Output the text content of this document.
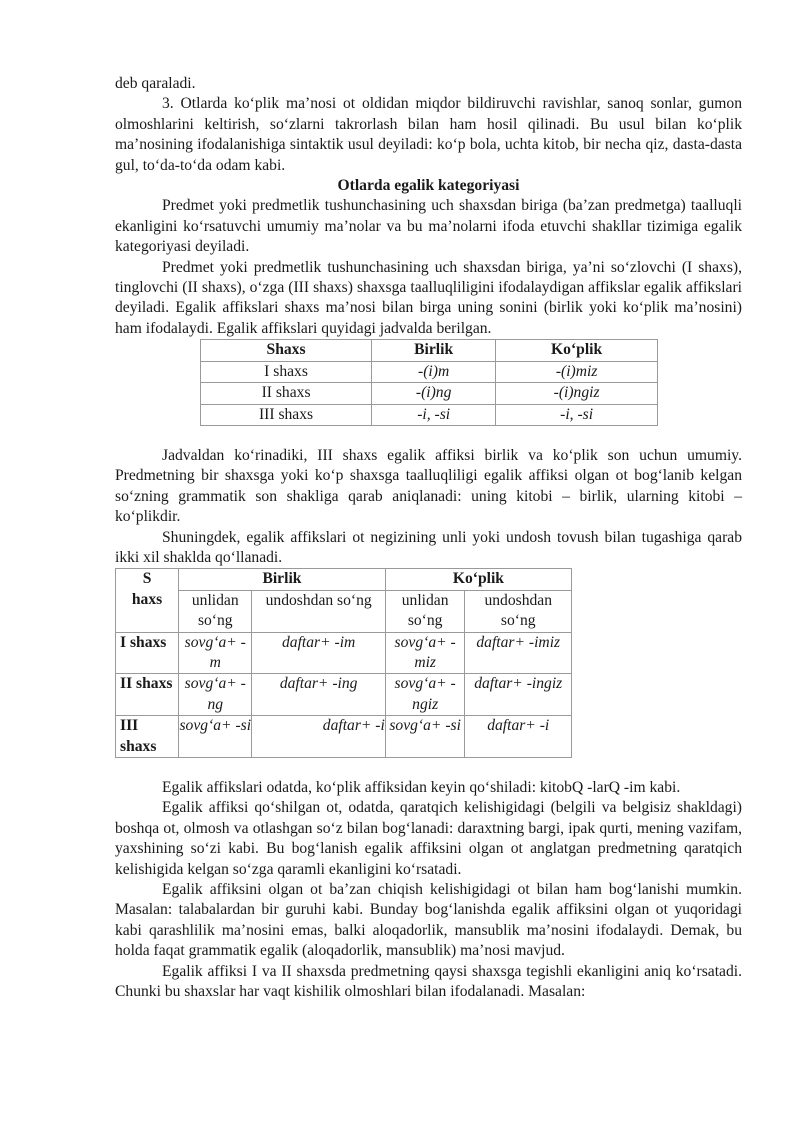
deb qaraladi.

3. Otlarda ko‘plik ma’nosi ot oldidan miqdor bildiruvchi ravishlar, sanoq sonlar, gumon olmoshlarini keltirish, so‘zlarni takrorlash bilan ham hosil qilinadi. Bu usul bilan ko‘plik ma’nosining ifodalanishiga sintaktik usul deyiladi: ko‘p bola, uchta kitob, bir necha qiz, dasta-dasta gul, to‘da-to‘da odam kabi.

Otlarda egalik kategoriyasi

Predmet yoki predmetlik tushunchasining uch shaxsdan biriga (ba’zan predmetga) taalluqli ekanligini ko‘rsatuvchi umumiy ma’nolar va bu ma’nolarni ifoda etuvchi shakllar tizimiga egalik kategoriyasi deyiladi.

Predmet yoki predmetlik tushunchasining uch shaxsdan biriga, ya’ni so‘zlovchi (I shaxs), tinglovchi (II shaxs), o‘zga (III shaxs) shaxsga taalluqliligini ifodalaydigan affikslar egalik affikslari deyiladi. Egalik affikslari shaxs ma’nosi bilan birga uning sonini (birlik yoki ko‘plik ma’nosini) ham ifodalaydi. Egalik affikslari quyidagi jadvalda berilgan.

Shaxs	Birlik	Ko‘plik
I shaxs	-(i)m	-(i)miz
II shaxs	-(i)ng	-(i)ngiz
III shaxs	-i, -si	-i, -si

Jadvaldan ko‘rinadiki, III shaxs egalik affiksi birlik va ko‘plik son uchun umumiy. Predmetning bir shaxsga yoki ko‘p shaxsga taalluqliligi egalik affiksi olgan ot bog‘lanib kelgan so‘zning grammatik son shakliga qarab aniqlanadi: uning kitobi – birlik, ularning kitobi – ko‘plikdir.

Shuningdek, egalik affikslari ot negizining unli yoki undosh tovush bilan tugashiga qarab ikki xil shaklda qo‘llanadi.

S
haxs	Birlik		Ko‘plik	
	unlidan so‘ng	undoshdan so‘ng	unlidan so‘ng	undoshdan so‘ng
I shaxs	sovg‘a+ -m	daftar+ -im	sovg‘a+ -miz	daftar+ -imiz
II shaxs	sovg‘a+ -ng	daftar+ -ing	sovg‘a+ -ngiz	daftar+ -ingiz
III shaxs	sovg‘a+ -si	daftar+ -i	sovg‘a+ -si	daftar+ -i

Egalik affikslari odatda, ko‘plik affiksidan keyin qo‘shiladi: kitobQ -larQ -im kabi.

Egalik affiksi qo‘shilgan ot, odatda, qaratqich kelishigidagi (belgili va belgisiz shakldagi) boshqa ot, olmosh va otlashgan so‘z bilan bog‘lanadi: daraxtning bargi, ipak qurti, mening vazifam, yaxshining so‘zi kabi. Bu bog‘lanish egalik affiksini olgan ot anglatgan predmetning qaratqich kelishigida kelgan so‘zga qaramli ekanligini ko‘rsatadi.

Egalik affiksini olgan ot ba’zan chiqish kelishigidagi ot bilan ham bog‘lanishi mumkin. Masalan: talabalardan bir guruhi kabi. Bunday bog‘lanishda egalik affiksini olgan ot yuqoridagi kabi qarashlilik ma’nosini emas, balki aloqadorlik, mansublik ma’nosini ifodalaydi. Demak, bu holda faqat grammatik egalik (aloqadorlik, mansublik) ma’nosi mavjud.

Egalik affiksi I va II shaxsda predmetning qaysi shaxsga tegishli ekanligini aniq ko‘rsatadi. Chunki bu shaxslar har vaqt kishilik olmoshlari bilan ifodalanadi. Masalan:
